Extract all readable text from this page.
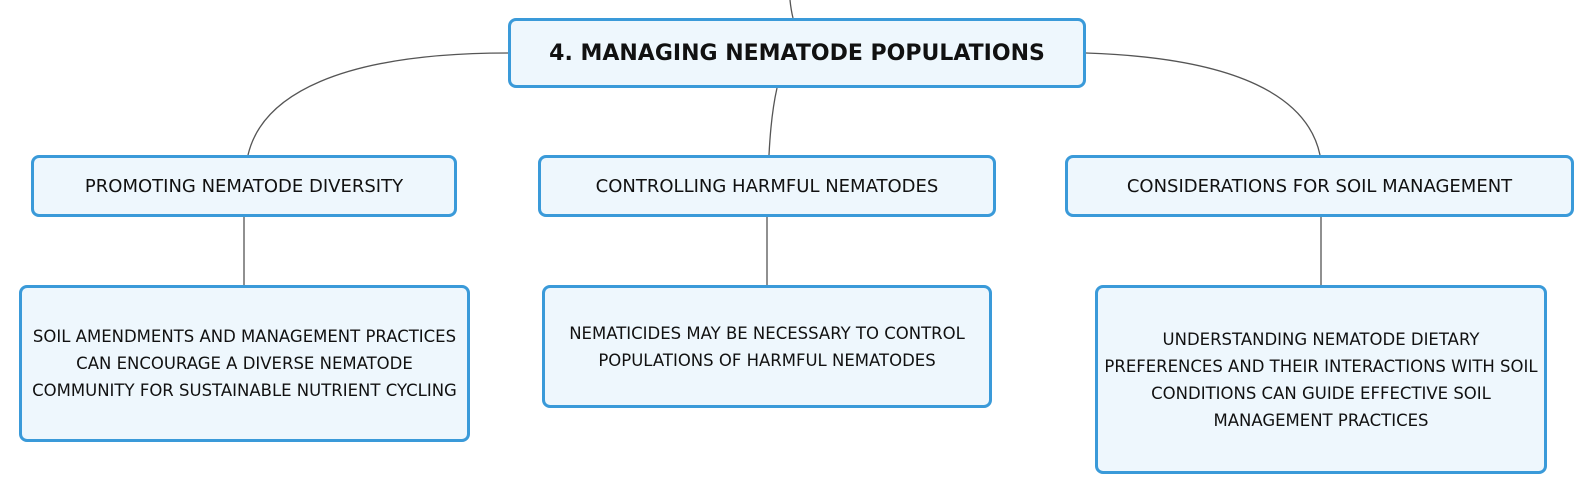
4. MANAGING NEMATODE POPULATIONS
PROMOTING NEMATODE DIVERSITY	CONTROLLING HARMFUL NEMATODES	CONSIDERATIONS FOR SOIL MANAGEMENT
SOIL AMENDMENTS AND MANAGEMENT PRACTICES
CAN ENCOURAGE A DIVERSE NEMATODE
COMMUNITY FOR SUSTAINABLE NUTRIENT CYCLING
NEMATICIDES MAY BE NECESSARY TO CONTROL
POPULATIONS OF HARMFUL NEMATODES
UNDERSTANDING NEMATODE DIETARY
PREFERENCES AND THEIR INTERACTIONS WITH SOIL
CONDITIONS CAN GUIDE EFFECTIVE SOIL
MANAGEMENT PRACTICES
